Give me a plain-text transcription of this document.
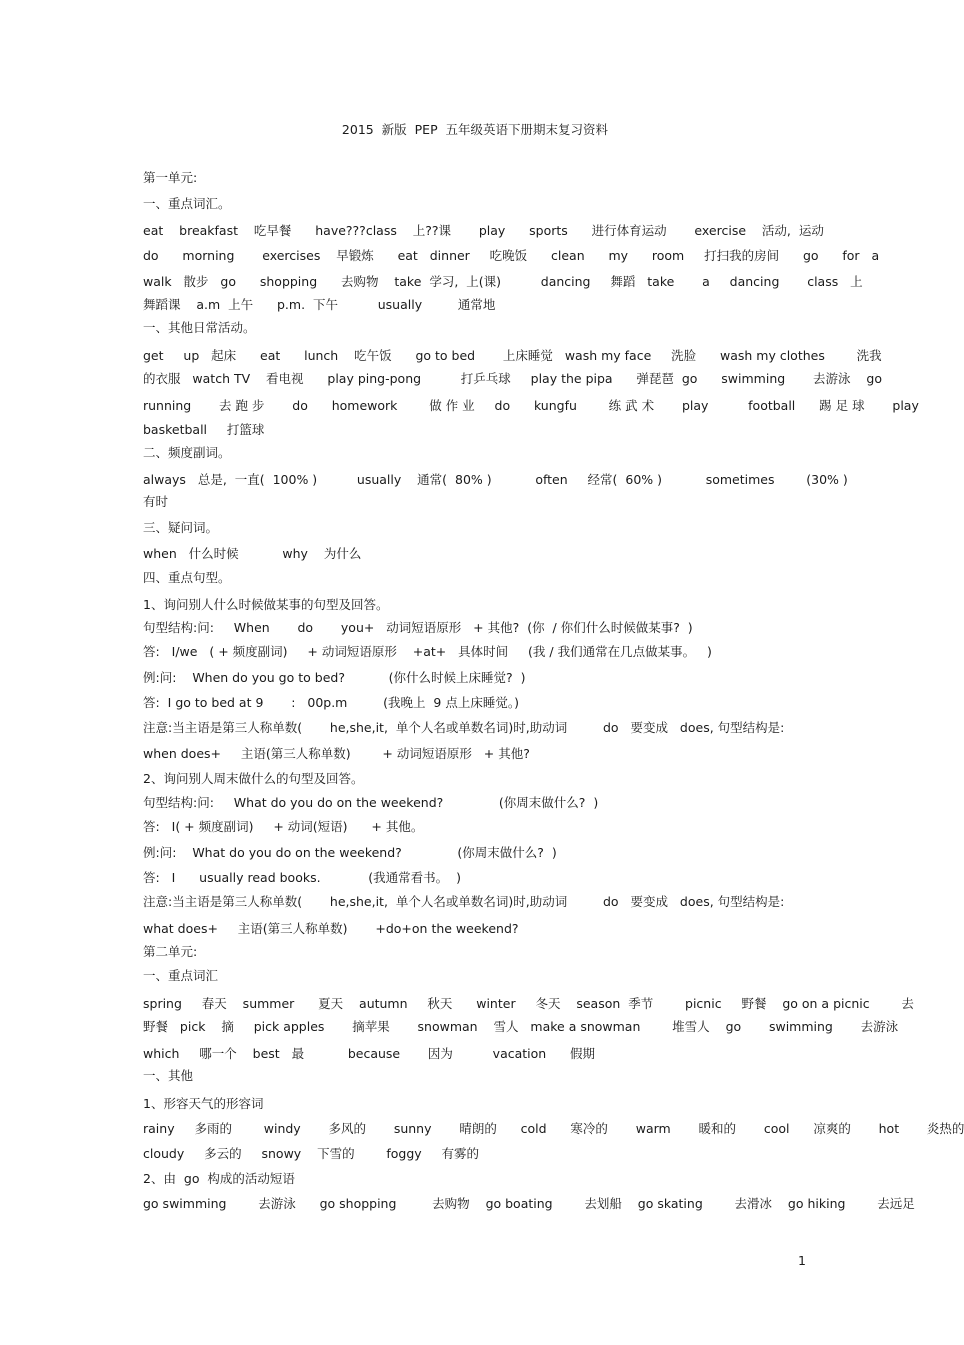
2015  新版  PEP  五年级英语下册期末复习资料
第一单元:
一、重点词汇。
eat    breakfast    吃早餐      have???class    上??课       play      sports      进行体育运动       exercise    活动,  运动
do      morning       exercises    早锻炼      eat   dinner     吃晚饭      clean      my      room     打扫我的房间      go      for   a
walk   散步   go      shopping      去购物    take  学习,  上(课)          dancing     舞蹈   take       a     dancing       class   上
舞蹈课    a.m  上午      p.m.  下午          usually         通常地
一、其他日常活动。
get     up   起床      eat      lunch    吃午饭      go to bed       上床睡觉   wash my face     洗脸      wash my clothes        洗我
的衣服   watch TV    看电视      play ping-pong          打乒乓球     play the pipa      弹琵琶  go      swimming       去游泳    go
running       去 跑 步       do      homework        做 作 业     do      kungfu        练 武 术       play          football      踢 足 球       play
basketball     打篮球
二、频度副词。
always   总是,  一直(  100% )          usually    通常(  80% )           often     经常(  60% )           sometimes        (30% )
有时
三、疑问词。
when   什么时候           why    为什么
四、重点句型。
1、询问别人什么时候做某事的句型及回答。
句型结构:问:     When       do       you+   动词短语原形   + 其他?  (你  / 你们什么时候做某事?  )
答:   I/we   ( + 频度副词)     + 动词短语原形    +at+   具体时间     (我 / 我们通常在几点做某事。   )
例:问:    When do you go to bed?           (你什么时候上床睡觉?  )
答:  I go to bed at 9       :   00p.m         (我晚上  9 点上床睡觉。)
注意:当主语是第三人称单数(       he,she,it,  单个人名或单数名词)时,助动词         do   要变成   does, 句型结构是:
when does+     主语(第三人称单数)        + 动词短语原形   + 其他?
2、询问别人周末做什么的句型及回答。
句型结构:问:     What do you do on the weekend?              (你周末做什么?  )
答:   I( + 频度副词)     + 动词(短语)      + 其他。
例:问:    What do you do on the weekend?              (你周末做什么?  )
答:   I      usually read books.            (我通常看书。  )
注意:当主语是第三人称单数(       he,she,it,  单个人名或单数名词)时,助动词         do   要变成   does, 句型结构是:
what does+     主语(第三人称单数)       +do+on the weekend?
第二单元:
一、重点词汇
spring     春天    summer      夏天    autumn     秋天      winter     冬天    season  季节        picnic     野餐    go on a picnic        去
野餐   pick    摘     pick apples       摘苹果       snowman    雪人   make a snowman        堆雪人    go       swimming       去游泳
which     哪一个    best   最           because       因为          vacation      假期
一、其他
1、形容天气的形容词
rainy     多雨的        windy       多风的       sunny       晴朗的      cold      寒冷的       warm       暖和的       cool      凉爽的       hot       炎热的
cloudy     多云的     snowy    下雪的        foggy     有雾的
2、由  go  构成的活动短语
go swimming        去游泳      go shopping         去购物    go boating        去划船    go skating        去滑冰    go hiking        去远足
1
